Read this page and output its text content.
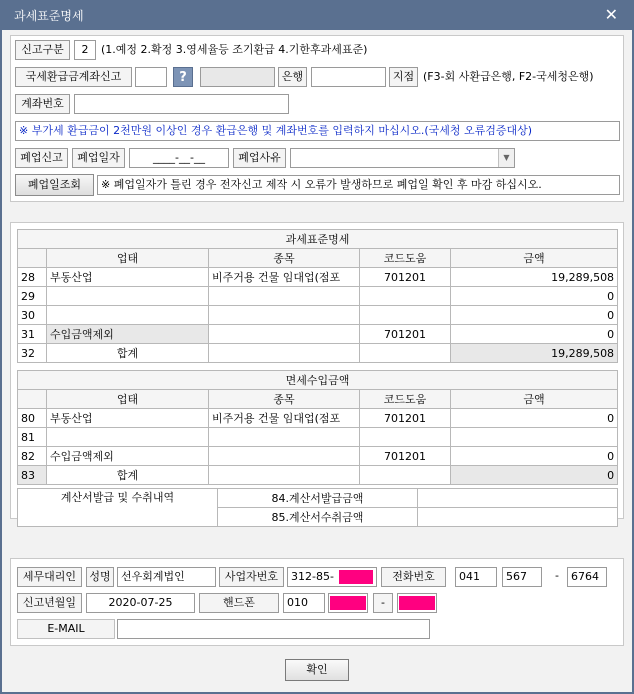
과세표준명세	✕
신고구분	2	(1.예정 2.확정 3.영세율등 조기환급 4.기한후과세표준)
국세환급금계좌신고	?	은행	지점 (F3-회 사환급은행, F2-국세청은행)
계좌번호
※ 부가세 환급금이 2천만원 이상인 경우 환급은행 및 계좌번호를 입력하지 마십시오.(국세청 오류검증대상)
폐업신고	폐업일자	____-__-__	폐업사유	▼
폐업일조회	※ 폐업일자가 틀린 경우 전자신고 제작 시 오류가 발생하므로 폐업일 확인 후 마감 하십시오.
과세표준명세				
	업태	종목	코드도움	금액
28	부동산업	비주거용 건물 임대업(점포	701201	19,289,508
29				0
30				0
31	수입금액제외		701201	0
32	합계			19,289,508
면세수입금액				
	업태	종목	코드도움	금액
80	부동산업	비주거용 건물 임대업(점포	701201	0
81				
82	수입금액제외		701201	0
83	합계			0
계산서발급 및 수취내역	84.계산서발급금액	
	85.계산서수취금액	
세무대리인	성명 선우회계법인	사업자번호	312-85-	전화번호	041	567	-	6764
신고년월일	2020-07-25	핸드폰	010	-
E-MAIL
확인
